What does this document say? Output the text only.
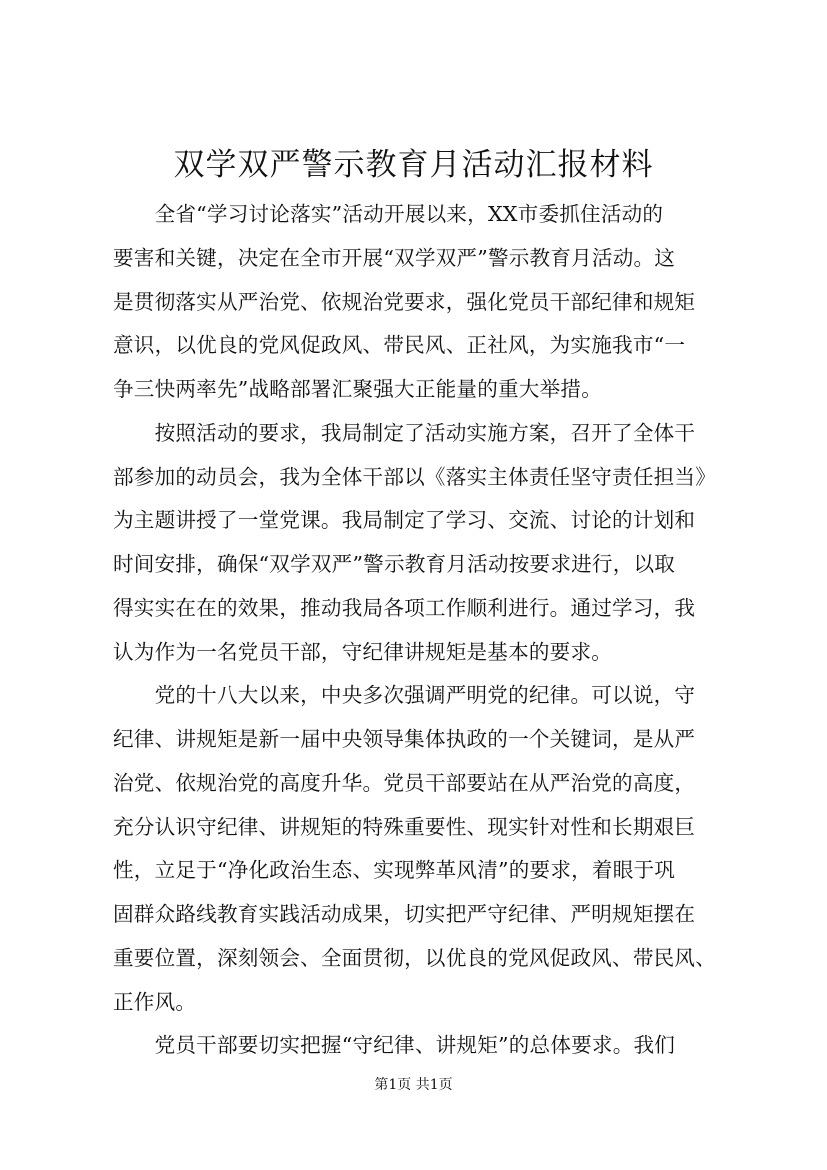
双学双严警示教育月活动汇报材料
　　全省“学习讨论落实”活动开展以来，XX市委抓住活动的
要害和关键，决定在全市开展“双学双严”警示教育月活动。这
是贯彻落实从严治党、依规治党要求，强化党员干部纪律和规矩
意识，以优良的党风促政风、带民风、正社风，为实施我市“一
争三快两率先”战略部署汇聚强大正能量的重大举措。
　　按照活动的要求，我局制定了活动实施方案，召开了全体干
部参加的动员会，我为全体干部以《落实主体责任坚守责任担当》
为主题讲授了一堂党课。我局制定了学习、交流、讨论的计划和
时间安排，确保“双学双严”警示教育月活动按要求进行，以取
得实实在在的效果，推动我局各项工作顺利进行。通过学习，我
认为作为一名党员干部，守纪律讲规矩是基本的要求。
　　党的十八大以来，中央多次强调严明党的纪律。可以说，守
纪律、讲规矩是新一届中央领导集体执政的一个关键词，是从严
治党、依规治党的高度升华。党员干部要站在从严治党的高度，
充分认识守纪律、讲规矩的特殊重要性、现实针对性和长期艰巨
性，立足于“净化政治生态、实现弊革风清”的要求，着眼于巩
固群众路线教育实践活动成果，切实把严守纪律、严明规矩摆在
重要位置，深刻领会、全面贯彻，以优良的党风促政风、带民风、
正作风。
　　党员干部要切实把握“守纪律、讲规矩”的总体要求。我们
第1页 共1页
